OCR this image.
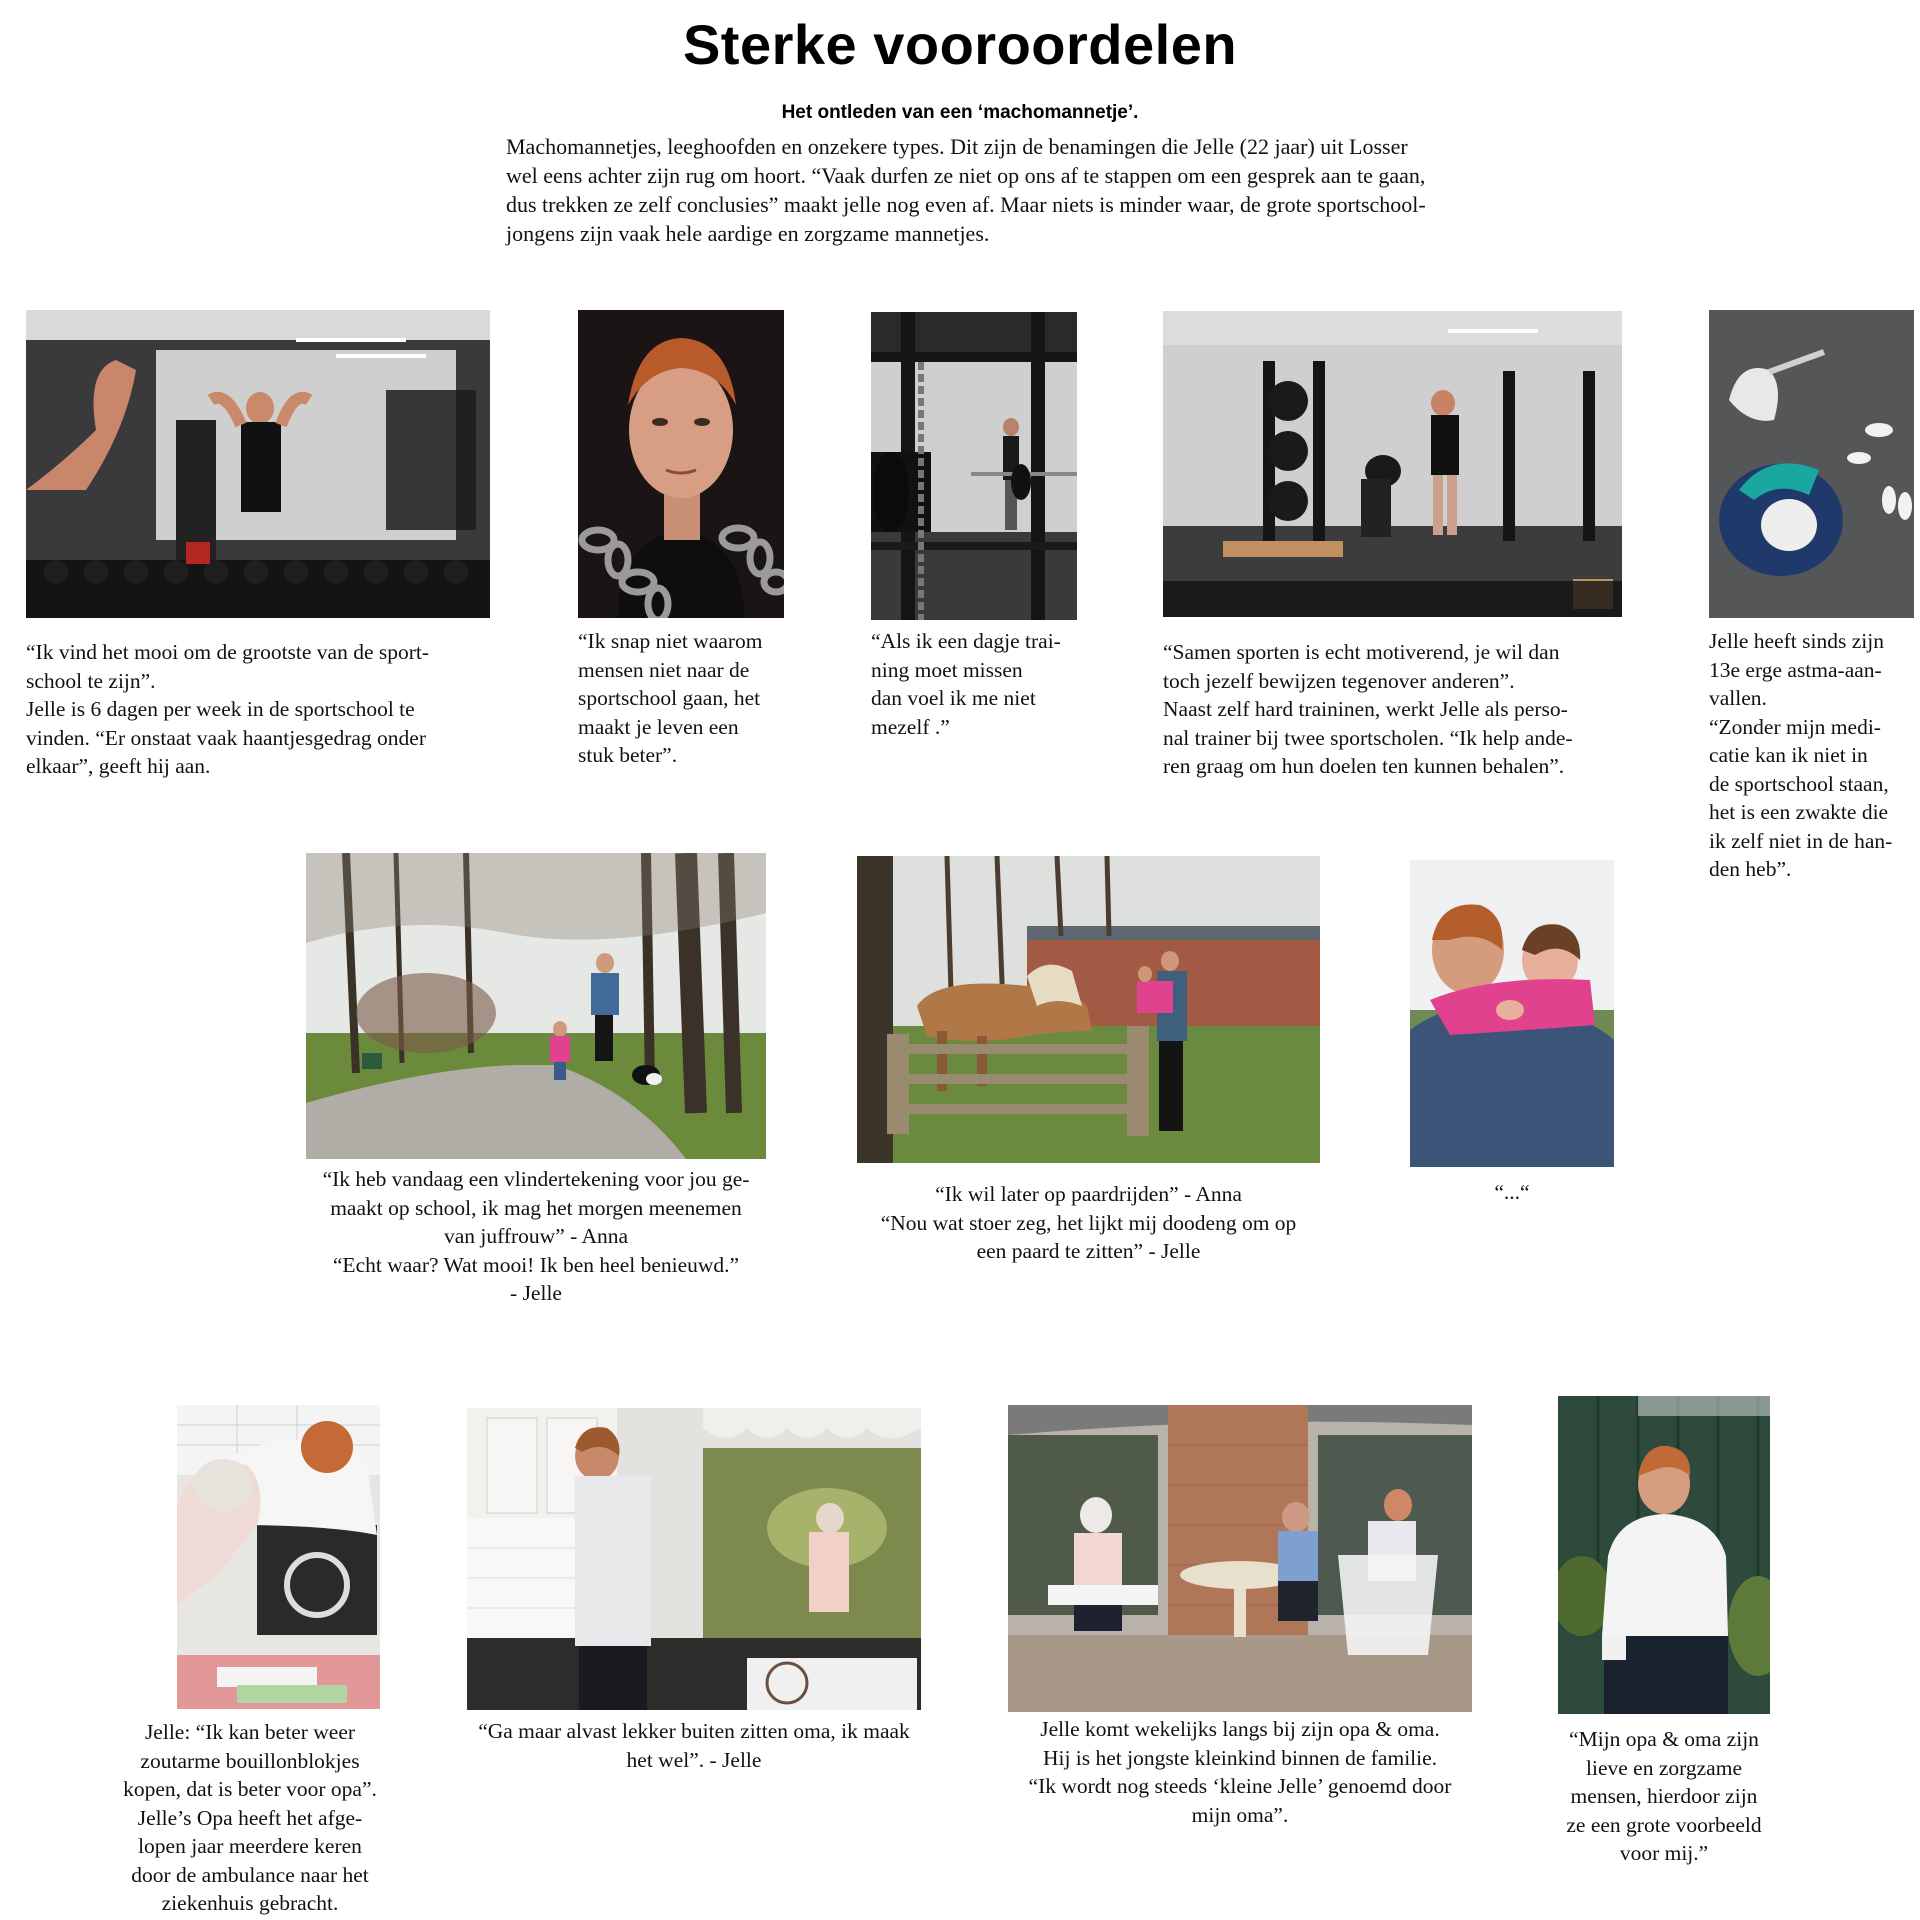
Sterke vooroordelen
Het ontleden van een ‘machomannetje’.
Machomannetjes, leeghoofden en onzekere types. Dit zijn de benamingen die Jelle (22 jaar) uit Losser
wel eens achter zijn rug om hoort. “Vaak durfen ze niet op ons af te stappen om een gesprek aan te gaan,
dus trekken ze zelf conclusies” maakt jelle nog even af. Maar niets is minder waar, de grote sportschool-
jongens zijn vaak hele aardige en zorgzame mannetjes.
“Ik vind het mooi om de grootste van de sport-
school te zijn”.
Jelle is 6 dagen per week in de sportschool te
vinden. “Er onstaat vaak haantjesgedrag onder
elkaar”, geeft hij aan.
“Ik snap niet waarom
mensen niet naar de
sportschool gaan, het
maakt je leven een
stuk beter”.
“Als ik een dagje trai-
ning moet missen
dan voel ik me niet
mezelf .”
“Samen sporten is echt motiverend, je wil dan
toch jezelf bewijzen tegenover anderen”.
Naast zelf hard traininen, werkt Jelle als perso-
nal trainer bij twee sportscholen. “Ik help ande-
ren graag om hun doelen ten kunnen behalen”.
Jelle heeft sinds zijn
13e erge astma-aan-
vallen.
“Zonder mijn medi-
catie kan ik niet in
de sportschool staan,
het is een zwakte die
ik zelf niet in de han-
den heb”.
“Ik heb vandaag een vlindertekening voor jou ge-
maakt op school, ik mag het morgen meenemen
van juffrouw” - Anna
“Echt waar? Wat mooi! Ik ben heel benieuwd.”
- Jelle
“Ik wil later op paardrijden” - Anna
“Nou wat stoer zeg, het lijkt mij doodeng om op
een paard te zitten” - Jelle
“...“
Jelle: “Ik kan beter weer
zoutarme bouillonblokjes
kopen, dat is beter voor opa”.
Jelle’s Opa heeft het afge-
lopen jaar meerdere keren
door de ambulance naar het
ziekenhuis gebracht.
“Ga maar alvast lekker buiten zitten oma, ik maak
het wel”. - Jelle
Jelle komt wekelijks langs bij zijn opa & oma.
Hij is het jongste kleinkind binnen de familie.
“Ik wordt nog steeds ‘kleine Jelle’ genoemd door
mijn oma”.
“Mijn opa & oma zijn
lieve en zorgzame
mensen, hierdoor zijn
ze een grote voorbeeld
voor mij.”
